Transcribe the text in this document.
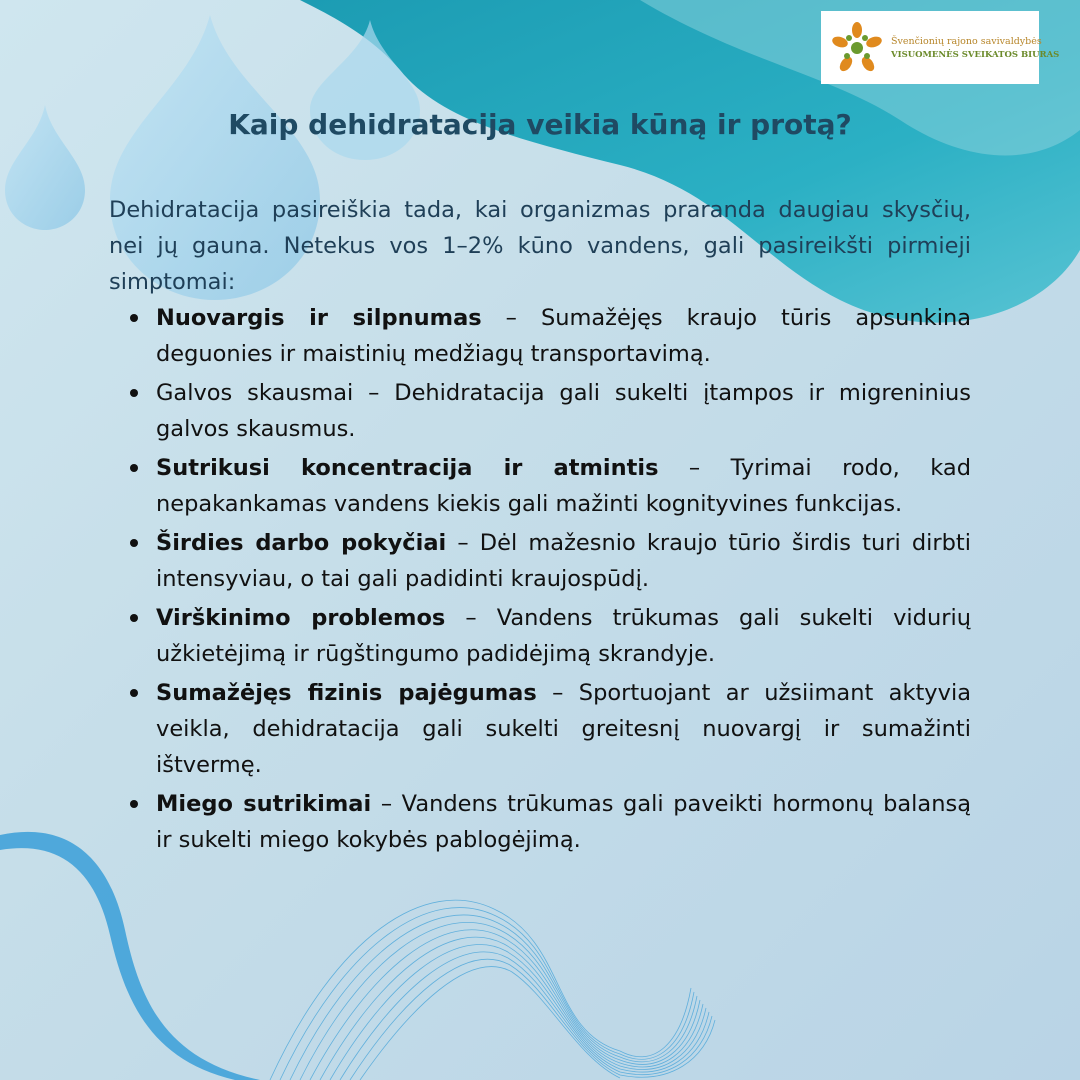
Švenčionių rajono savivaldybės
VISUOMENĖS SVEIKATOS BIURAS
Kaip dehidratacija veikia kūną ir protą?

Dehidratacija pasireiškia tada, kai organizmas praranda daugiau skysčių, nei jų gauna. Netekus vos 1–2% kūno vandens, gali pasireikšti pirmieji simptomai:

Nuovargis ir silpnumas – Sumažėjęs kraujo tūris apsunkina deguonies ir maistinių medžiagų transportavimą.
Galvos skausmai – Dehidratacija gali sukelti įtampos ir migreninius galvos skausmus.
Sutrikusi koncentracija ir atmintis – Tyrimai rodo, kad nepakankamas vandens kiekis gali mažinti kognityvines funkcijas.
Širdies darbo pokyčiai – Dėl mažesnio kraujo tūrio širdis turi dirbti intensyviau, o tai gali padidinti kraujospūdį.
Virškinimo problemos – Vandens trūkumas gali sukelti vidurių užkietėjimą ir rūgštingumo padidėjimą skrandyje.
Sumažėjęs fizinis pajėgumas – Sportuojant ar užsiimant aktyvia veikla, dehidratacija gali sukelti greitesnį nuovargį ir sumažinti ištvermę.
Miego sutrikimai – Vandens trūkumas gali paveikti hormonų balansą ir sukelti miego kokybės pablogėjimą.
